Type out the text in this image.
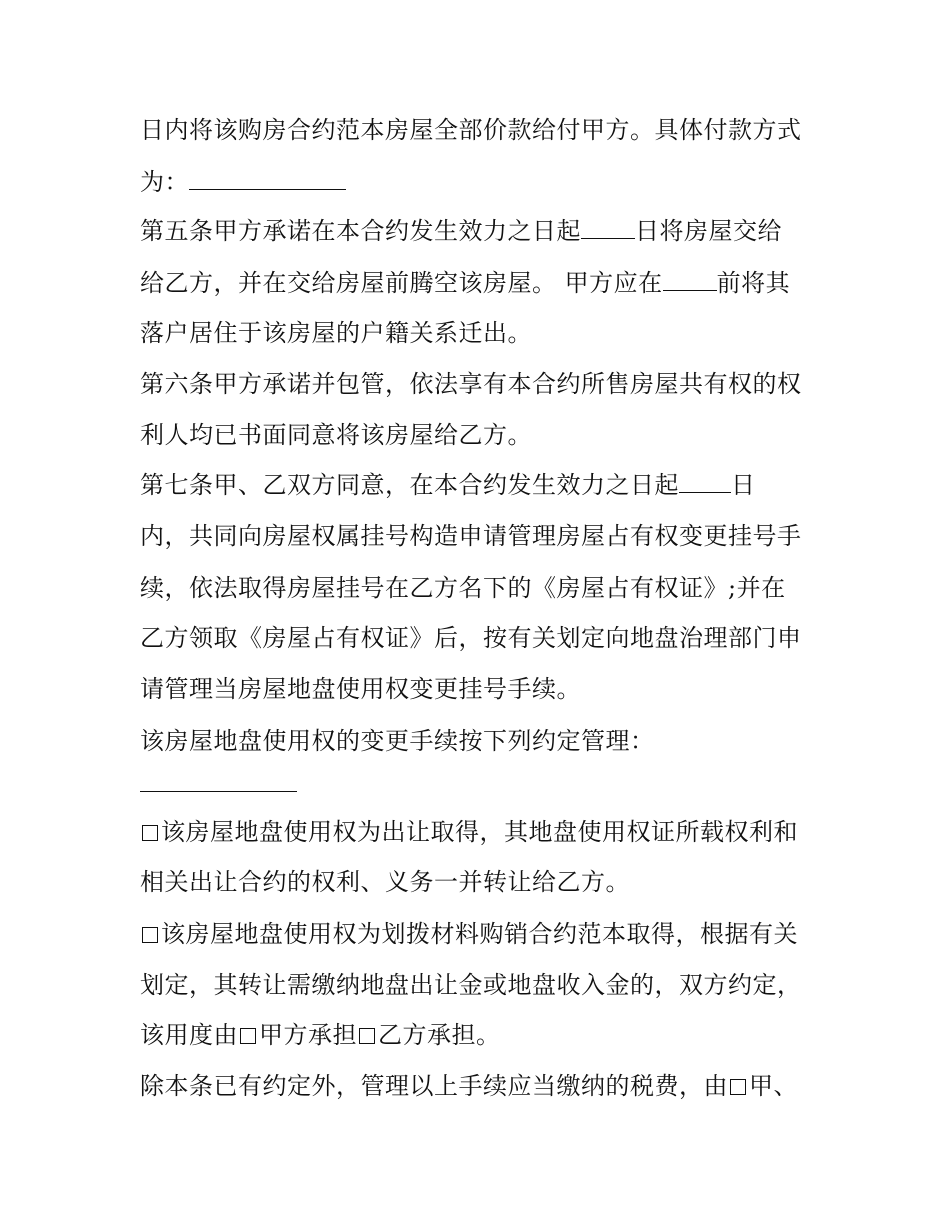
日内将该购房合约范本房屋全部价款给付甲方。具体付款方式
为：
第五条甲方承诺在本合约发生效力之日起 日将房屋交给
给乙方，并在交给房屋前腾空该房屋。 甲方应在 前将其
落户居住于该房屋的户籍关系迁出。
第六条甲方承诺并包管，依法享有本合约所售房屋共有权的权
利人均已书面同意将该房屋给乙方。
第七条甲、乙双方同意，在本合约发生效力之日起 日
内，共同向房屋权属挂号构造申请管理房屋占有权变更挂号手
续，依法取得房屋挂号在乙方名下的《房屋占有权证》;并在
乙方领取《房屋占有权证》后，按有关划定向地盘治理部门申
请管理当房屋地盘使用权变更挂号手续。
该房屋地盘使用权的变更手续按下列约定管理：
该房屋地盘使用权为出让取得，其地盘使用权证所载权利和
相关出让合约的权利、义务一并转让给乙方。
该房屋地盘使用权为划拨材料购销合约范本取得，根据有关
划定，其转让需缴纳地盘出让金或地盘收入金的，双方约定，
该用度由 甲方承担 乙方承担。
除本条已有约定外，管理以上手续应当缴纳的税费，由 甲、
